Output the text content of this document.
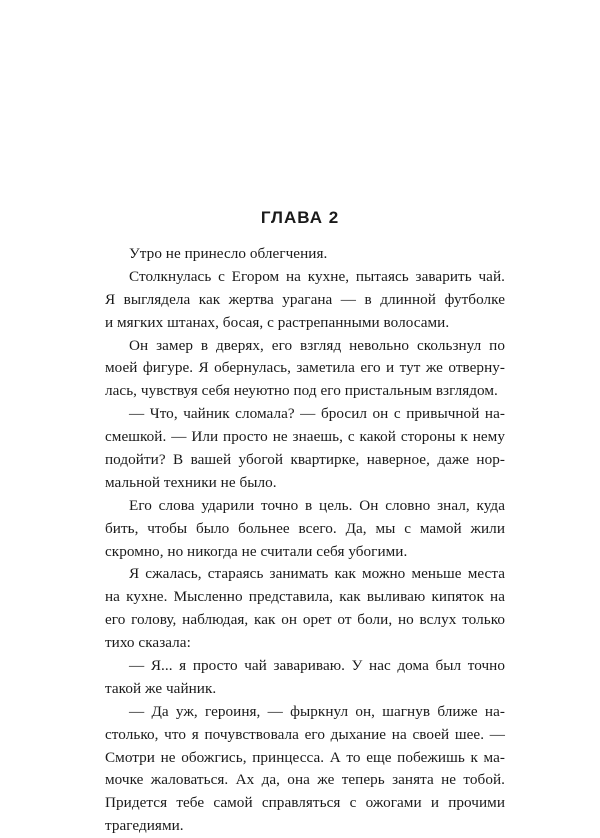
ГЛАВА 2
Утро не принесло облегчения.
Столкнулась с Егором на кухне, пытаясь заварить чай.
Я выглядела как жертва урагана — в длинной футболке
и мягких штанах, босая, с растрепанными волосами.
Он замер в дверях, его взгляд невольно скользнул по
моей фигуре. Я обернулась, заметила его и тут же отверну-
лась, чувствуя себя неуютно под его пристальным взглядом.
— Что, чайник сломала? — бросил он с привычной на-
смешкой. — Или просто не знаешь, с какой стороны к нему
подойти? В вашей убогой квартирке, наверное, даже нор-
мальной техники не было.
Его слова ударили точно в цель. Он словно знал, куда
бить, чтобы было больнее всего. Да, мы с мамой жили
скромно, но никогда не считали себя убогими.
Я сжалась, стараясь занимать как можно меньше места
на кухне. Мысленно представила, как выливаю кипяток на
его голову, наблюдая, как он орет от боли, но вслух только
тихо сказала:
— Я... я просто чай завариваю. У нас дома был точно
такой же чайник.
— Да уж, героиня, — фыркнул он, шагнув ближе на-
столько, что я почувствовала его дыхание на своей шее. —
Смотри не обожгись, принцесса. А то еще побежишь к ма-
мочке жаловаться. Ах да, она же теперь занята не тобой.
Придется тебе самой справляться с ожогами и прочими
трагедиями.
